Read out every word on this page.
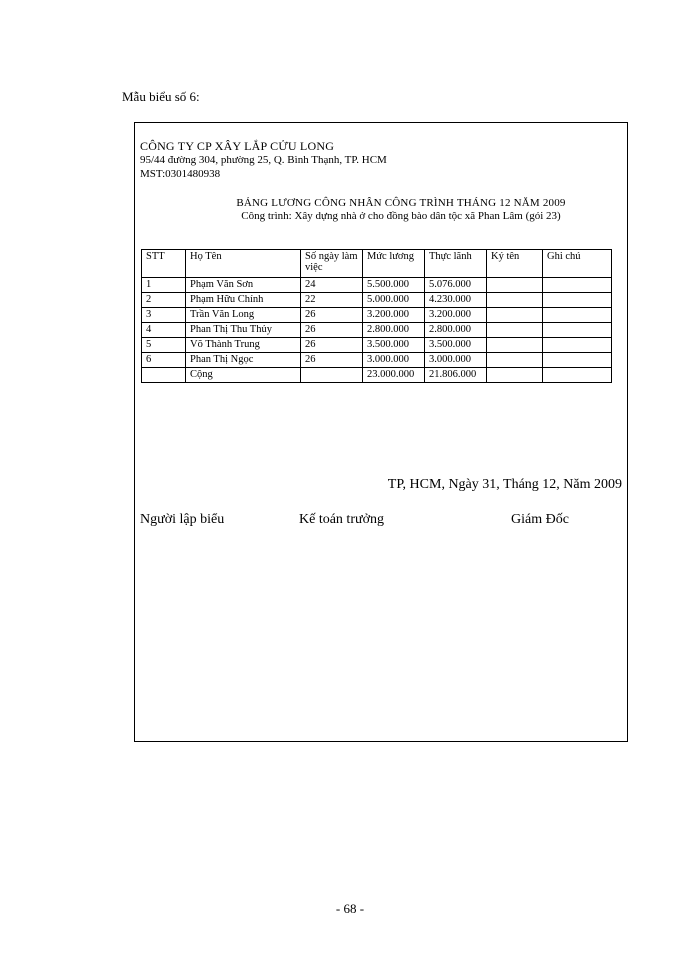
Mẫu biểu số 6:
CÔNG TY CP XÂY LẮP CỬU LONG
95/44 đường 304, phường 25, Q. Bình Thạnh, TP. HCM
MST:0301480938
BẢNG LƯƠNG CÔNG NHÂN CÔNG TRÌNH THÁNG 12 NĂM 2009
Công trình: Xây dựng nhà ở cho đồng bào dân tộc xã Phan Lâm (gói 23)
STT	Họ Tên	Số ngày làm việc	Mức lương	Thực lãnh	Ký tên	Ghi chú
1	Phạm Văn Sơn	24	5.500.000	5.076.000		
2	Phạm Hữu Chính	22	5.000.000	4.230.000		
3	Trần Văn Long	26	3.200.000	3.200.000		
4	Phan Thị Thu Thủy	26	2.800.000	2.800.000		
5	Võ Thành Trung	26	3.500.000	3.500.000		
6	Phan Thị Ngọc	26	3.000.000	3.000.000		
	Cộng		23.000.000	21.806.000		
TP, HCM, Ngày 31, Tháng 12, Năm 2009
Người lập biểu	Kế toán trưởng	Giám Đốc
- 68 -
